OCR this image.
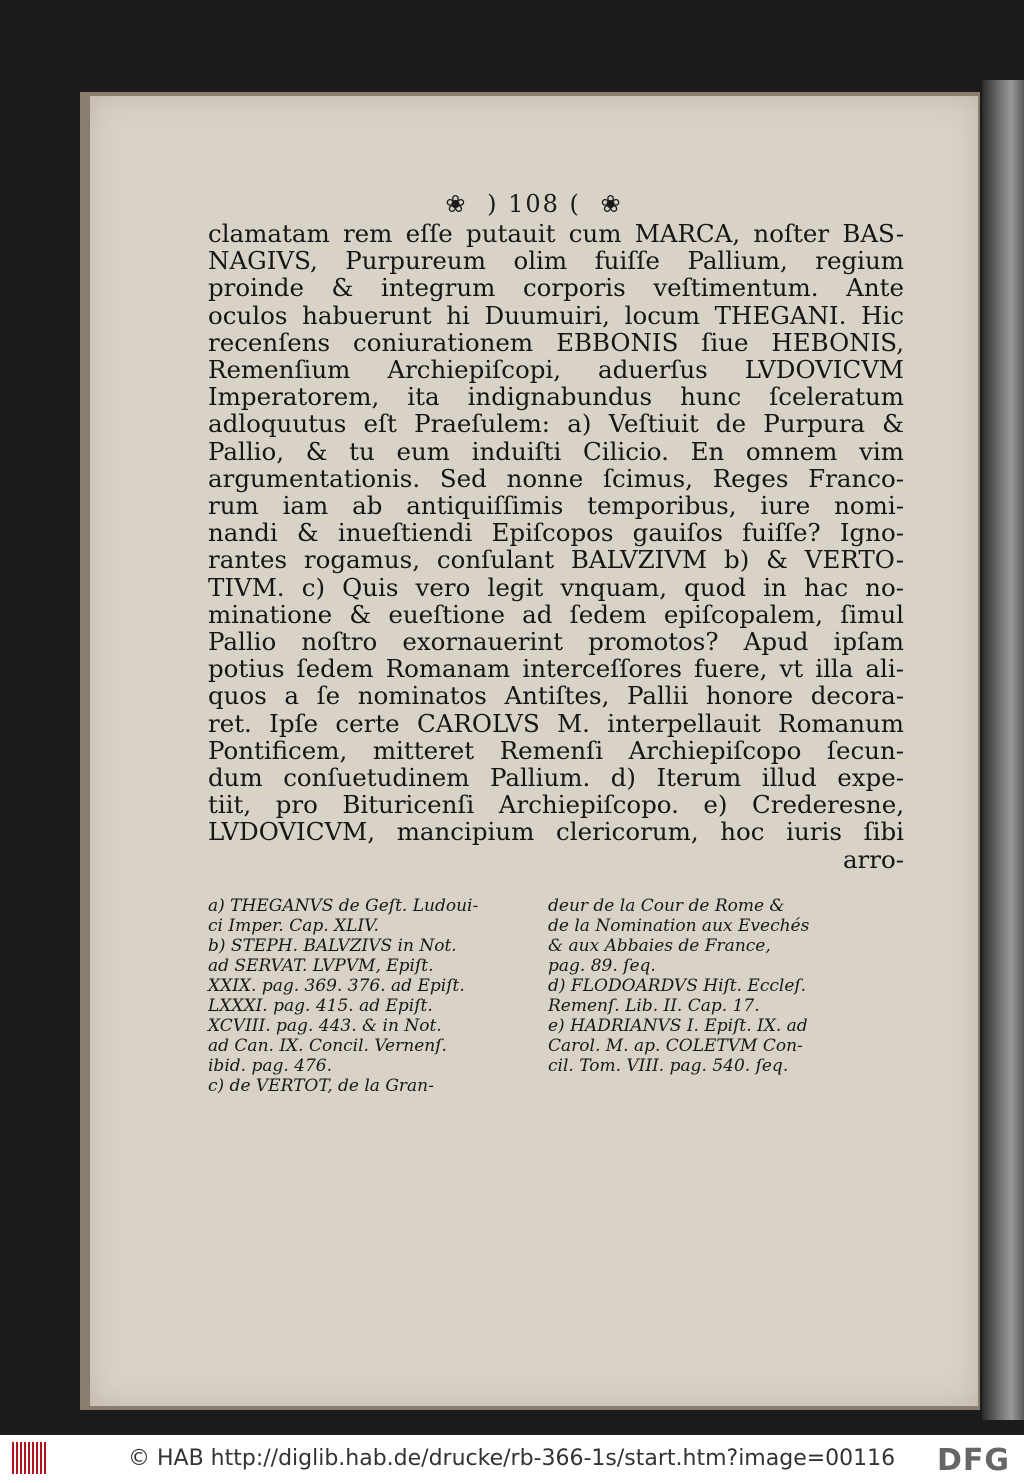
❀ ) 108 ( ❀
clamatam rem eſſe putauit cum MARCA, noſter BAS-
NAGIVS, Purpureum olim fuiſſe Pallium, regium
proinde & integrum corporis veſtimentum. Ante
oculos habuerunt hi Duumuiri, locum THEGANI. Hic
recenſens coniurationem EBBONIS ſiue HEBONIS,
Remenſium Archiepiſcopi, aduerſus LVDOVICVM
Imperatorem, ita indignabundus hunc ſceleratum
adloquutus eſt Praeſulem: a) Veſtiuit de Purpura &
Pallio, & tu eum induiſti Cilicio. En omnem vim
argumentationis. Sed nonne ſcimus, Reges Franco-
rum iam ab antiquiſſimis temporibus, iure nomi-
nandi & inueſtiendi Epiſcopos gauiſos fuiſſe? Igno-
rantes rogamus, conſulant BALVZIVM b) & VERTO-
TIVM. c) Quis vero legit vnquam, quod in hac no-
minatione & eueſtione ad ſedem epiſcopalem, ſimul
Pallio noſtro exornauerint promotos? Apud ipſam
potius ſedem Romanam interceſſores fuere, vt illa ali-
quos a ſe nominatos Antiſtes, Pallii honore decora-
ret. Ipſe certe CAROLVS M. interpellauit Romanum
Pontificem, mitteret Remenſi Archiepiſcopo ſecun-
dum conſuetudinem Pallium. d) Iterum illud expe-
tiit, pro Bituricenſi Archiepiſcopo. e) Crederesne,
LVDOVICVM, mancipium clericorum, hoc iuris ſibi
arro-
a) THEGANVS de Geſt. Ludoui-
ci Imper. Cap. XLIV.
b) STEPH. BALVZIVS in Not.
ad SERVAT. LVPVM, Epiſt.
XXIX. pag. 369. 376. ad Epiſt.
LXXXI. pag. 415. ad Epiſt.
XCVIII. pag. 443. & in Not.
ad Can. IX. Concil. Vernenſ.
ibid. pag. 476.
c) de VERTOT, de la Gran-
deur de la Cour de Rome &
de la Nomination aux Evechés
& aux Abbaies de France,
pag. 89. ſeq.
d) FLODOARDVS Hiſt. Eccleſ.
Remenſ. Lib. II. Cap. 17.
e) HADRIANVS I. Epiſt. IX. ad
Carol. M. ap. COLETVM Con-
cil. Tom. VIII. pag. 540. ſeq.
© HAB http://diglib.hab.de/drucke/rb-366-1s/start.htm?image=00116 DFG
